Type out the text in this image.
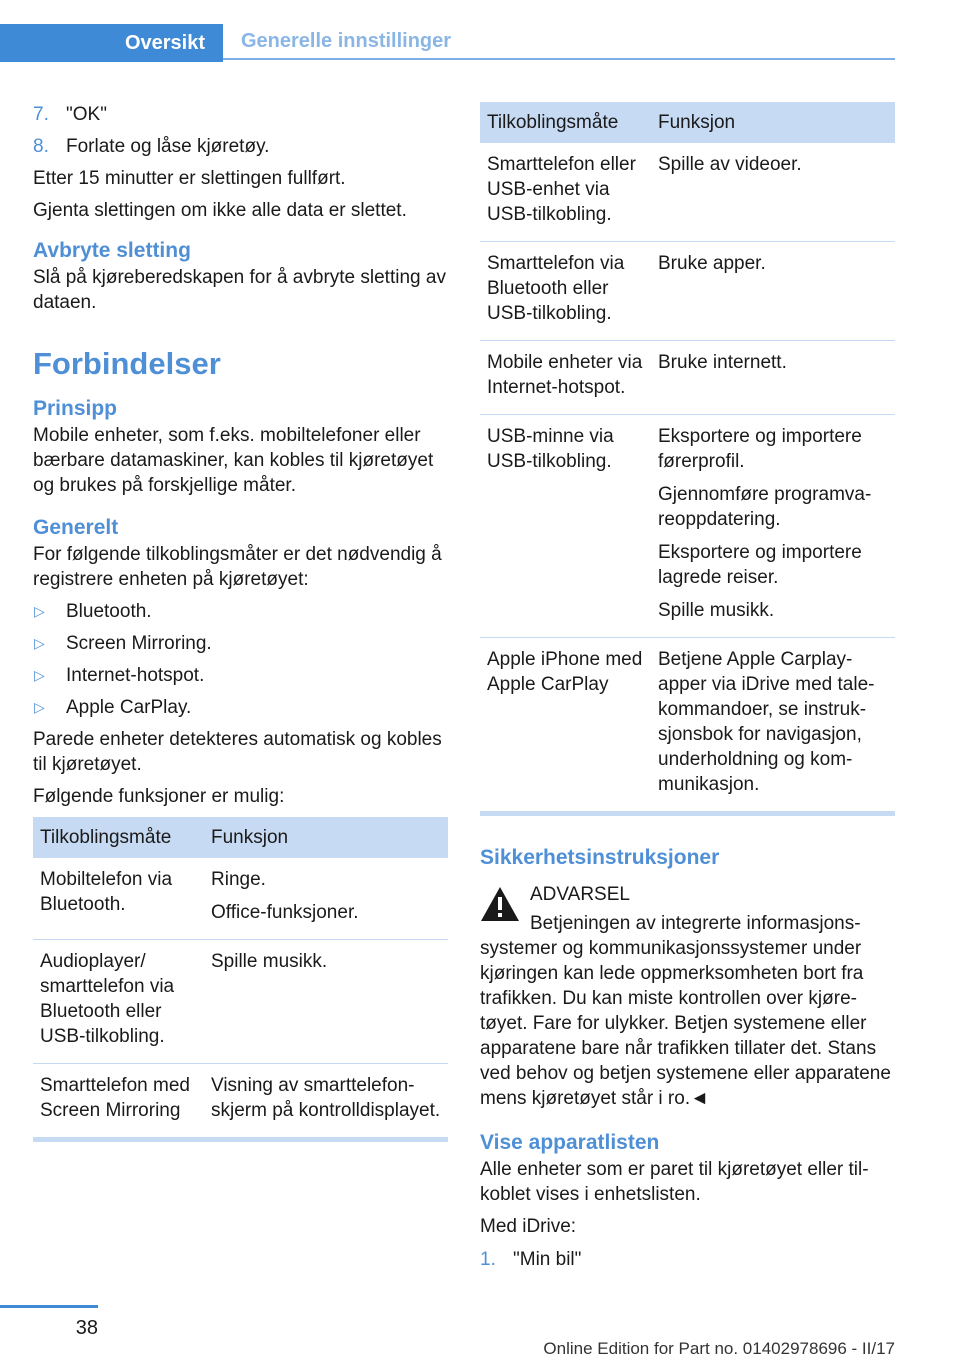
Oversikt	Generelle innstillinger
7. "OK"
8. Forlate og låse kjøretøy.

Etter 15 minutter er slettingen fullført.

Gjenta slettingen om ikke alle data er slettet.

Avbryte sletting

Slå på kjøreberedskapen for å avbryte sletting av dataen.

Forbindelser
Prinsipp

Mobile enheter, som f.eks. mobiltelefoner eller bærbare datamaskiner, kan kobles til kjøretøyet og brukes på forskjellige måter.

Generelt

For følgende tilkoblingsmåter er det nødvendig å registrere enheten på kjøretøyet:

▷ Bluetooth.
▷ Screen Mirroring.
▷ Internet-hotspot.
▷ Apple CarPlay.

Parede enheter detekteres automatisk og kobles til kjøretøyet.

Følgende funksjoner er mulig:

Tilkoblingsmåte	Funksjon
Mobiltelefon via Bluetooth.	Ringe.

Office-funksjoner.

Audioplayer/ smarttelefon via Bluetooth eller USB-tilkobling.	Spille musikk.
Smarttelefon med Screen Mirroring	Visning av smarttelefonskjerm på kontrolldisplayet.
Tilkoblingsmåte	Funksjon
Smarttelefon eller USB-enhet via USB-tilkobling.	Spille av videoer.
Smarttelefon via Bluetooth eller USB-tilkobling.	Bruke apper.
Mobile enheter via Internet-hotspot.	Bruke internett.
USB-minne via USB-tilkobling.	Eksportere og importere førerprofil.

Gjennomføre programvareoppdatering.

Eksportere og importere lagrede reiser.

Spille musikk.

Apple iPhone med Apple CarPlay	Betjene Apple Carplay-apper via iDrive med talekommandoer, se instruksjonsbok for navigasjon, underholdning og kommunikasjon.
Sikkerhetsinstruksjoner

ADVARSEL

Betjeningen av integrerte informasjonssystemer og kommunikasjonssystemer under kjøringen kan lede oppmerksomheten bort fra trafikken. Du kan miste kontrollen over kjøretøyet. Fare for ulykker. Betjen systemene eller apparatene bare når trafikken tillater det. Stans ved behov og betjen systemene eller apparatene mens kjøretøyet står i ro.◄

Vise apparatlisten

Alle enheter som er paret til kjøretøyet eller tilkoblet vises i enhetslisten.

Med iDrive:

1. "Min bil"
38
Online Edition for Part no. 01402978696 - II/17
